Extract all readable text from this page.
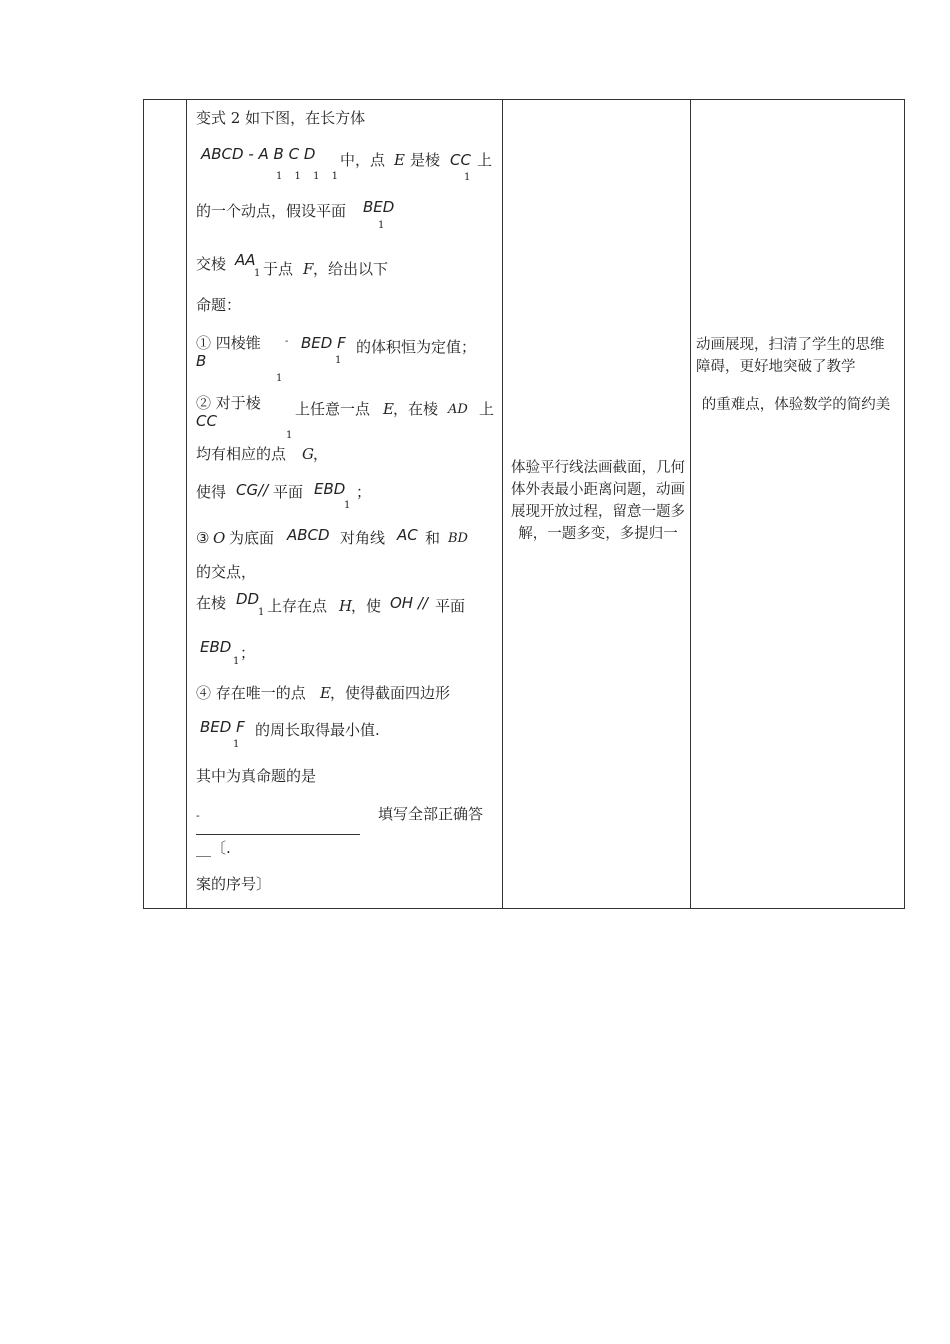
变式 2 如下图，在长方体
ABCD - A B C D
1 1 1 1
中，点 E 是棱 CC
1
上
的一个动点，假设平面 BED
1
交棱 AA
1 于点 F ，给出以下
命题：
① 四棱锥
B
1
- BED F
1
的体积恒为定值；
② 对于棱
CC
1
上任意一点 E ，在棱 AD 上
均有相应的点 G ，
使得 CG// 平面 EBD
1
；
③ O 为底面 ABCD 对角线 AC 和 BD
的交点，
在棱 DD
1 上存在点 H
，使 OH // 平面
EBD
1 ；
④ 存在唯一的点 E ，使得截面四边形
BED F
1
的周长取得最小值.
其中为真命题的是
-	填写全部正确答
__〔.
案的序号〕
体验平行线法画截面，几何体外表最小距离问题，动画展现开放过程，留意一题多解，一题多变，多提归一
动画展现，扫清了学生的思维障碍，更好地突破了教学
的重难点，体验数学的简约美
